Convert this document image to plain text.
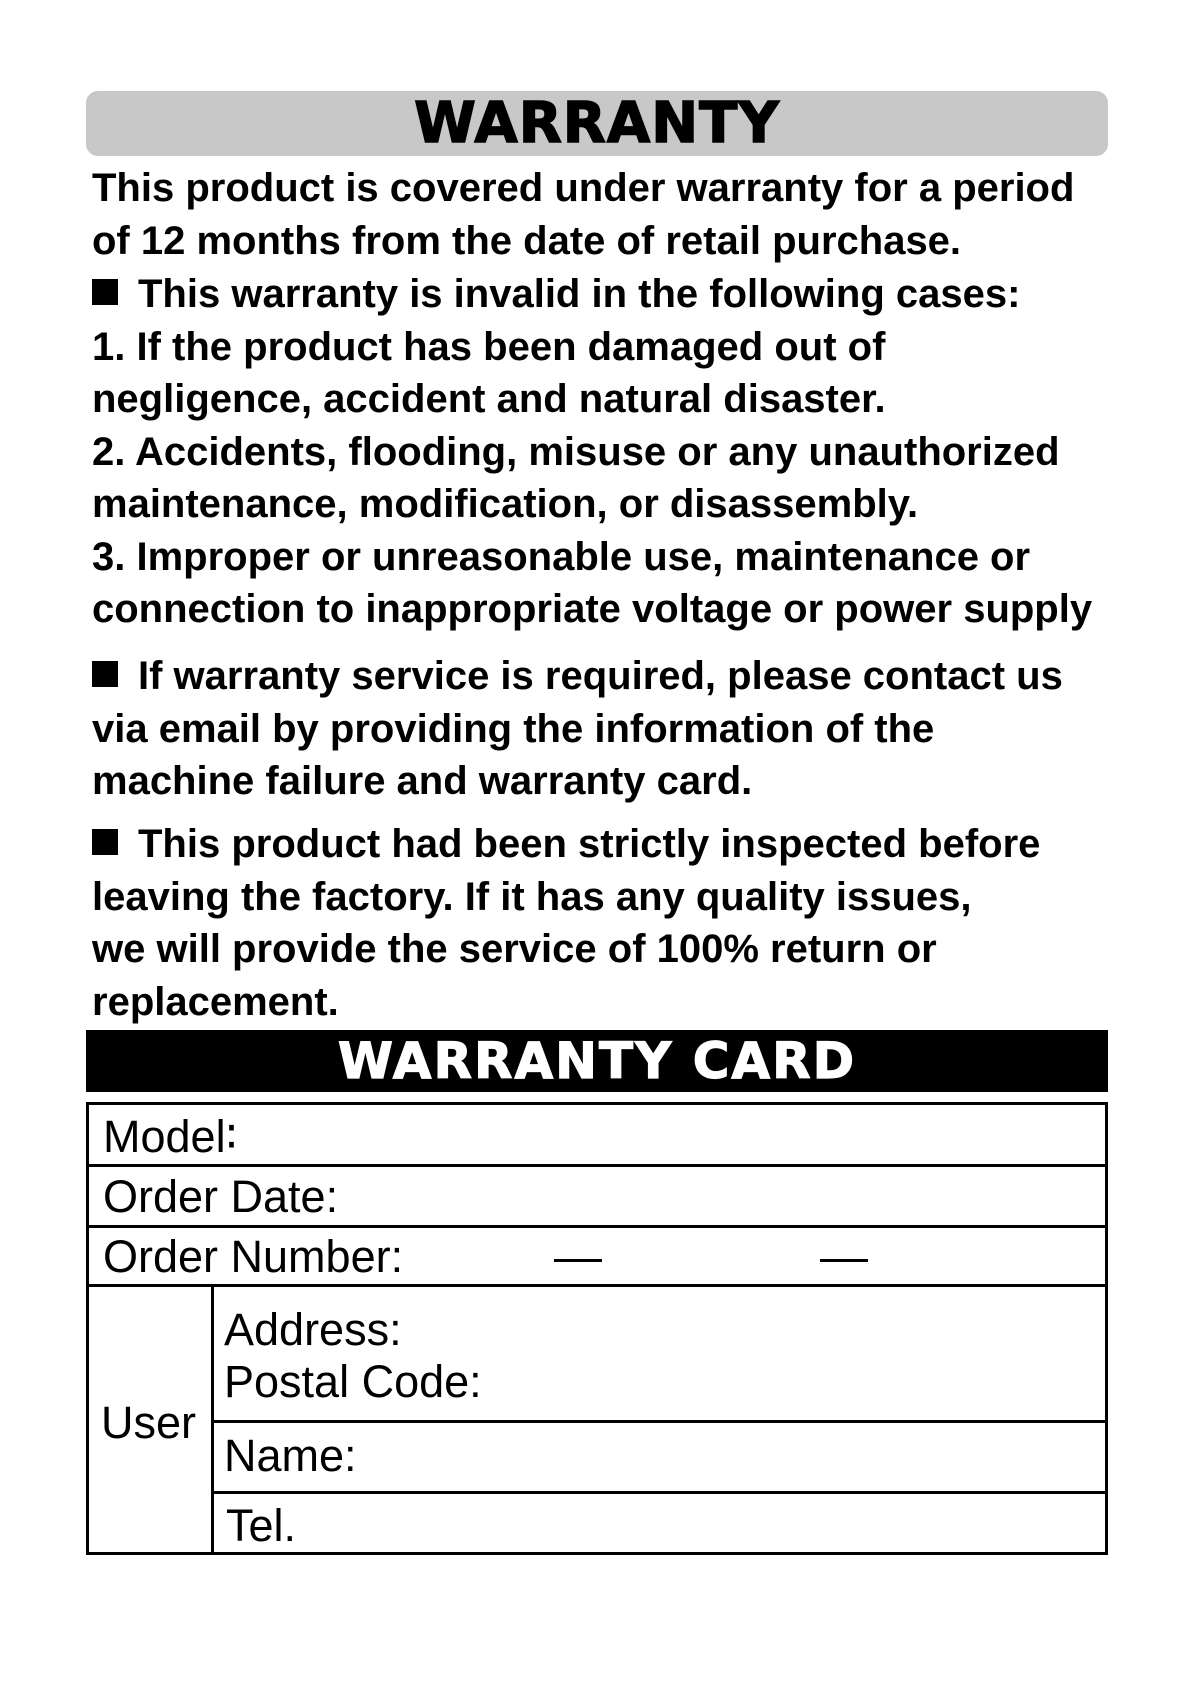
WARRANTY
This product is covered under warranty for a period
of 12 months from the date of retail purchase.
This warranty is invalid in the following cases:
1. If the product has been damaged out of
negligence, accident and natural disaster.
2. Accidents, flooding, misuse or any unauthorized
maintenance, modification, or disassembly.
3. Improper or unreasonable use, maintenance or
connection to inappropriate voltage or power supply
If warranty service is required, please contact us
via email by providing the information of the
machine failure and warranty card.
This product had been strictly inspected before
leaving the factory. If it has any quality issues,
we will provide the service of 100% return or
replacement.
WARRANTY CARD
Model∶
Order Date:
Order Number:
User
Address:
Postal Code:
Name:
Tel.
